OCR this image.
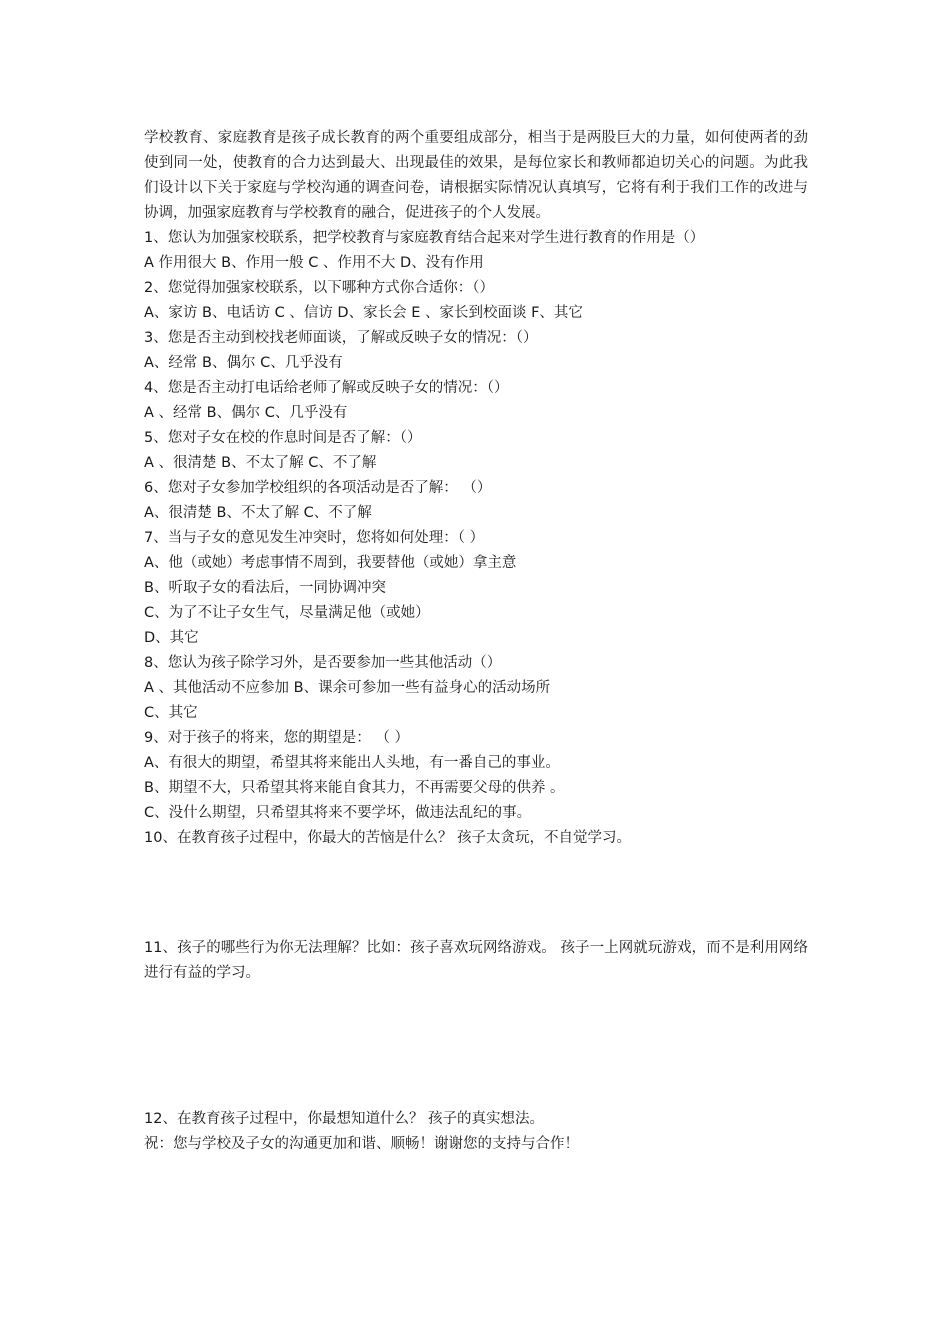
学校教育、家庭教育是孩子成长教育的两个重要组成部分，相当于是两股巨大的力量，如何使两者的劲使到同一处，使教育的合力达到最大、出现最佳的效果，是每位家长和教师都迫切关心的问题。为此我们设计以下关于家庭与学校沟通的调查问卷，请根据实际情况认真填写，它将有利于我们工作的改进与协调，加强家庭教育与学校教育的融合，促进孩子的个人发展。

1、您认为加强家校联系，把学校教育与家庭教育结合起来对学生进行教育的作用是（）
A 作用很大 B、作用一般 C 、作用不大 D、没有作用
2、您觉得加强家校联系，以下哪种方式你合适你：（）
A、家访 B、电话访 C 、信访 D、家长会 E 、家长到校面谈 F、其它
3、您是否主动到校找老师面谈，了解或反映子女的情况：（）
A、经常 B、偶尔 C、几乎没有
4、您是否主动打电话给老师了解或反映子女的情况：（）
A 、经常 B、偶尔 C、几乎没有
5、您对子女在校的作息时间是否了解：（）
A 、很清楚 B、不太了解 C、不了解
6、您对子女参加学校组织的各项活动是否了解： （）
A、很清楚 B、不太了解 C、不了解
7、当与子女的意见发生冲突时，您将如何处理：（ ）
A、他（或她）考虑事情不周到，我要替他（或她）拿主意
B、听取子女的看法后，一同协调冲突
C、为了不让子女生气，尽量满足他（或她）
D、其它
8、您认为孩子除学习外，是否要参加一些其他活动（）
A 、其他活动不应参加 B、课余可参加一些有益身心的活动场所
C、其它
9、对于孩子的将来，您的期望是： （ ）
A、有很大的期望，希望其将来能出人头地，有一番自己的事业。
B、期望不大，只希望其将来能自食其力，不再需要父母的供养 。
C、没什么期望，只希望其将来不要学坏，做违法乱纪的事。
10、在教育孩子过程中，你最大的苦恼是什么？ 孩子太贪玩，不自觉学习。
11、孩子的哪些行为你无法理解？比如：孩子喜欢玩网络游戏。 孩子一上网就玩游戏，而不是利用网络进行有益的学习。
12、在教育孩子过程中，你最想知道什么？ 孩子的真实想法。
祝：您与学校及子女的沟通更加和谐、顺畅！谢谢您的支持与合作！
